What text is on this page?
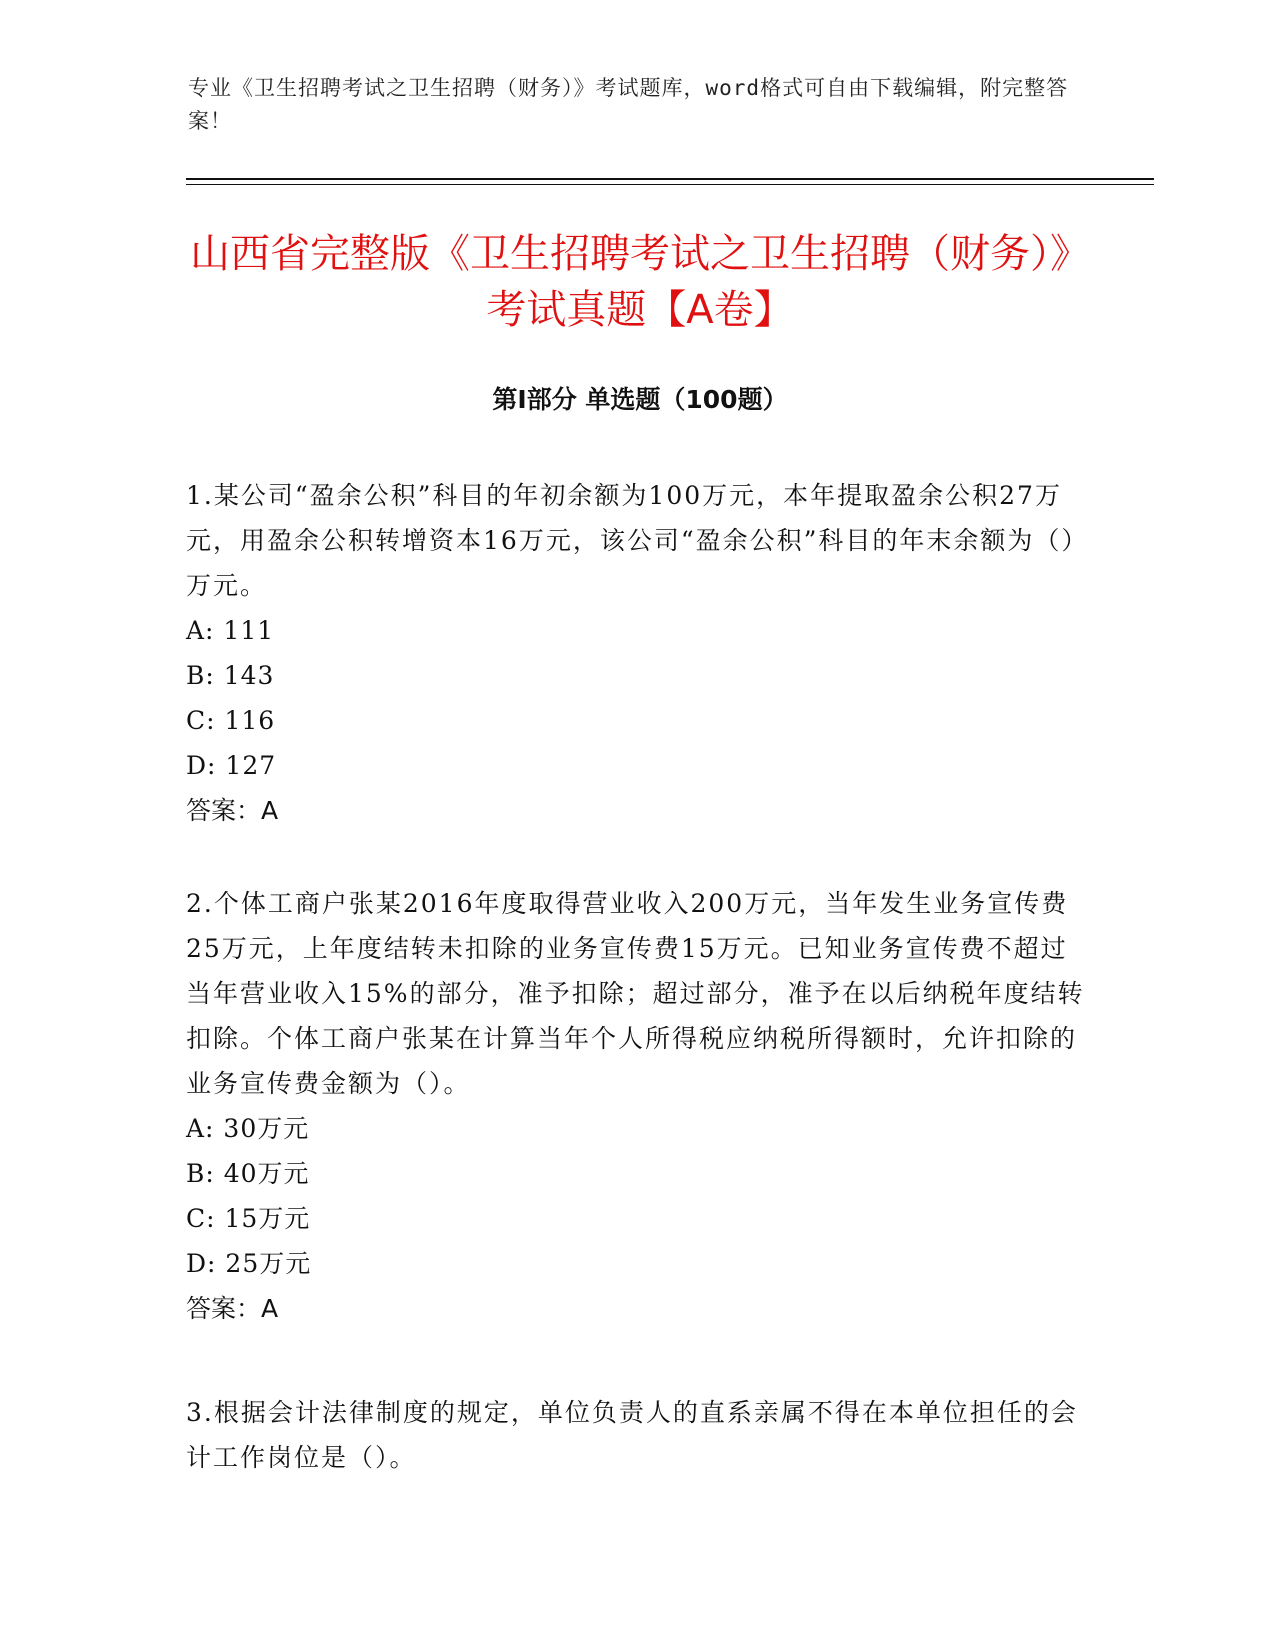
专业《卫生招聘考试之卫生招聘（财务）》考试题库，word格式可自由下载编辑，附完整答案！
山西省完整版《卫生招聘考试之卫生招聘（财务）》考试真题【A卷】
第I部分 单选题（100题）

1.某公司“盈余公积”科目的年初余额为100万元，本年提取盈余公积27万元，用盈余公积转增资本16万元，该公司“盈余公积”科目的年末余额为（）万元。

A: 111

B: 143

C: 116

D: 127

答案：A

2.个体工商户张某2016年度取得营业收入200万元，当年发生业务宣传费25万元，上年度结转未扣除的业务宣传费15万元。已知业务宣传费不超过当年营业收入15%的部分，准予扣除；超过部分，准予在以后纳税年度结转扣除。个体工商户张某在计算当年个人所得税应纳税所得额时，允许扣除的业务宣传费金额为（）。

A: 30万元

B: 40万元

C: 15万元

D: 25万元

答案：A

3.根据会计法律制度的规定，单位负责人的直系亲属不得在本单位担任的会计工作岗位是（）。
